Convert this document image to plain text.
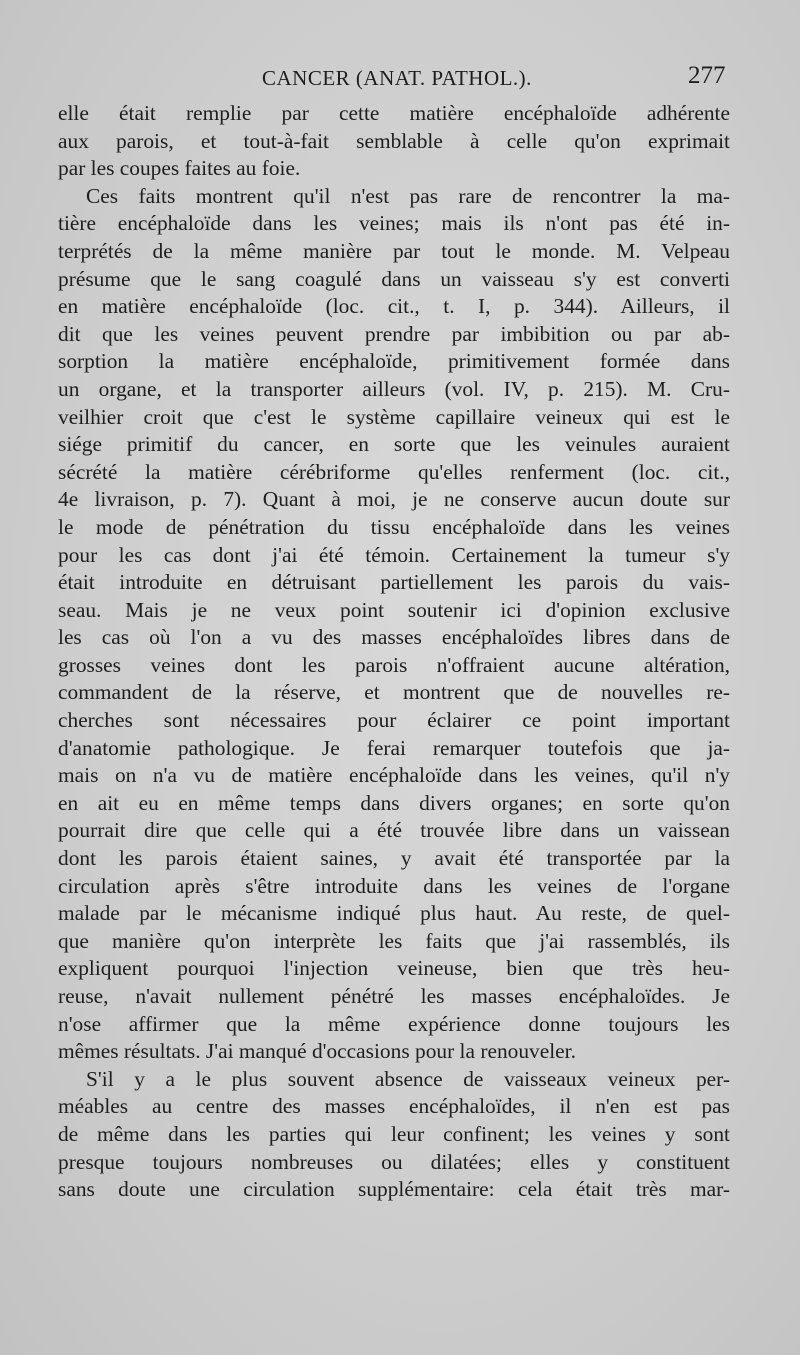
CANCER (ANAT. PATHOL.).	277
elle était remplie par cette matière encéphaloïde adhérente
aux parois, et tout-à-fait semblable à celle qu'on exprimait
par les coupes faites au foie.
Ces faits montrent qu'il n'est pas rare de rencontrer la ma-
tière encéphaloïde dans les veines; mais ils n'ont pas été in-
terprétés de la même manière par tout le monde. M. Velpeau
présume que le sang coagulé dans un vaisseau s'y est converti
en matière encéphaloïde (loc. cit., t. I, p. 344). Ailleurs, il
dit que les veines peuvent prendre par imbibition ou par ab-
sorption la matière encéphaloïde, primitivement formée dans
un organe, et la transporter ailleurs (vol. IV, p. 215). M. Cru-
veilhier croit que c'est le système capillaire veineux qui est le
siége primitif du cancer, en sorte que les veinules auraient
sécrété la matière cérébriforme qu'elles renferment (loc. cit.,
4e livraison, p. 7). Quant à moi, je ne conserve aucun doute sur
le mode de pénétration du tissu encéphaloïde dans les veines
pour les cas dont j'ai été témoin. Certainement la tumeur s'y
était introduite en détruisant partiellement les parois du vais-
seau. Mais je ne veux point soutenir ici d'opinion exclusive
les cas où l'on a vu des masses encéphaloïdes libres dans de
grosses veines dont les parois n'offraient aucune altération,
commandent de la réserve, et montrent que de nouvelles re-
cherches sont nécessaires pour éclairer ce point important
d'anatomie pathologique. Je ferai remarquer toutefois que ja-
mais on n'a vu de matière encéphaloïde dans les veines, qu'il n'y
en ait eu en même temps dans divers organes; en sorte qu'on
pourrait dire que celle qui a été trouvée libre dans un vaissean
dont les parois étaient saines, y avait été transportée par la
circulation après s'être introduite dans les veines de l'organe
malade par le mécanisme indiqué plus haut. Au reste, de quel-
que manière qu'on interprète les faits que j'ai rassemblés, ils
expliquent pourquoi l'injection veineuse, bien que très heu-
reuse, n'avait nullement pénétré les masses encéphaloïdes. Je
n'ose affirmer que la même expérience donne toujours les
mêmes résultats. J'ai manqué d'occasions pour la renouveler.
S'il y a le plus souvent absence de vaisseaux veineux per-
méables au centre des masses encéphaloïdes, il n'en est pas
de même dans les parties qui leur confinent; les veines y sont
presque toujours nombreuses ou dilatées; elles y constituent
sans doute une circulation supplémentaire: cela était très mar-
